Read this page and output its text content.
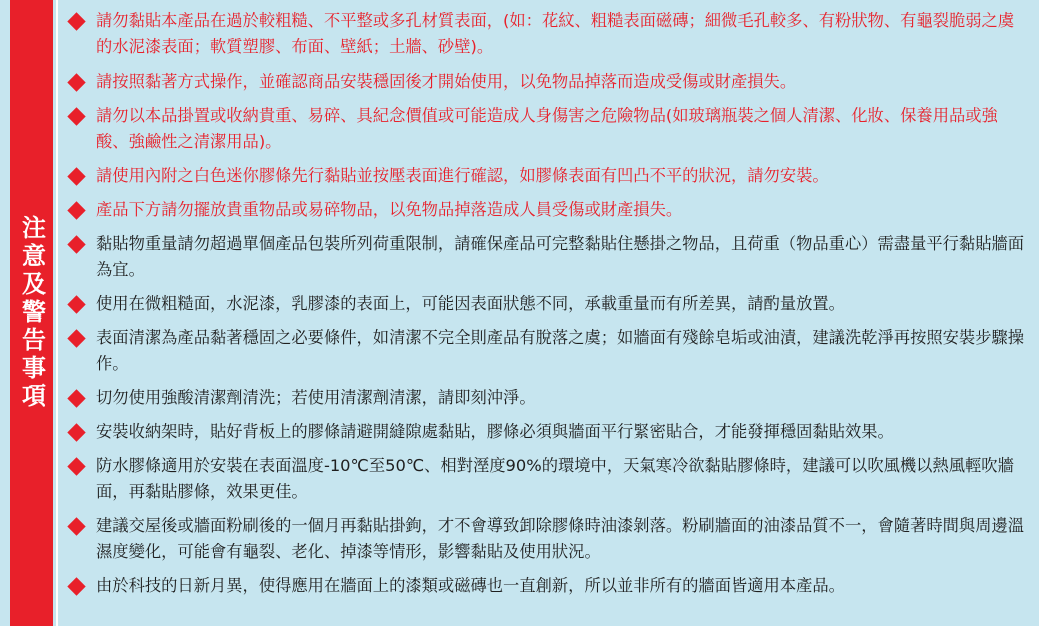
注意及警告事項
請勿黏貼本產品在過於較粗糙、不平整或多孔材質表面，(如：花紋、粗糙表面磁磚；細微毛孔較多、有粉狀物、有龜裂脆弱之虞的水泥漆表面；軟質塑膠、布面、壁紙；土牆、砂壁)。
請按照黏著方式操作，並確認商品安裝穩固後才開始使用，以免物品掉落而造成受傷或財產損失。
請勿以本品掛置或收納貴重、易碎、具紀念價值或可能造成人身傷害之危險物品(如玻璃瓶裝之個人清潔、化妝、保養用品或強酸、強鹼性之清潔用品)。
請使用內附之白色迷你膠條先行黏貼並按壓表面進行確認，如膠條表面有凹凸不平的狀況，請勿安裝。
產品下方請勿擺放貴重物品或易碎物品，以免物品掉落造成人員受傷或財產損失。
黏貼物重量請勿超過單個產品包裝所列荷重限制，請確保產品可完整黏貼住懸掛之物品，且荷重（物品重心）需盡量平行黏貼牆面為宜。
使用在微粗糙面，水泥漆，乳膠漆的表面上，可能因表面狀態不同，承載重量而有所差異，請酌量放置。
表面清潔為產品黏著穩固之必要條件，如清潔不完全則產品有脫落之虞；如牆面有殘餘皂垢或油漬，建議洗乾淨再按照安裝步驟操作。
切勿使用強酸清潔劑清洗；若使用清潔劑清潔，請即刻沖淨。
安裝收納架時，貼好背板上的膠條請避開縫隙處黏貼，膠條必須與牆面平行緊密貼合，才能發揮穩固黏貼效果。
防水膠條適用於安裝在表面溫度-10℃至50℃、相對溼度90%的環境中，天氣寒冷欲黏貼膠條時，建議可以吹風機以熱風輕吹牆面，再黏貼膠條，效果更佳。
建議交屋後或牆面粉刷後的一個月再黏貼掛鉤，才不會導致卸除膠條時油漆剝落。粉刷牆面的油漆品質不一，會隨著時間與周邊溫濕度變化，可能會有龜裂、老化、掉漆等情形，影響黏貼及使用狀況。
由於科技的日新月異，使得應用在牆面上的漆類或磁磚也一直創新，所以並非所有的牆面皆適用本產品。
